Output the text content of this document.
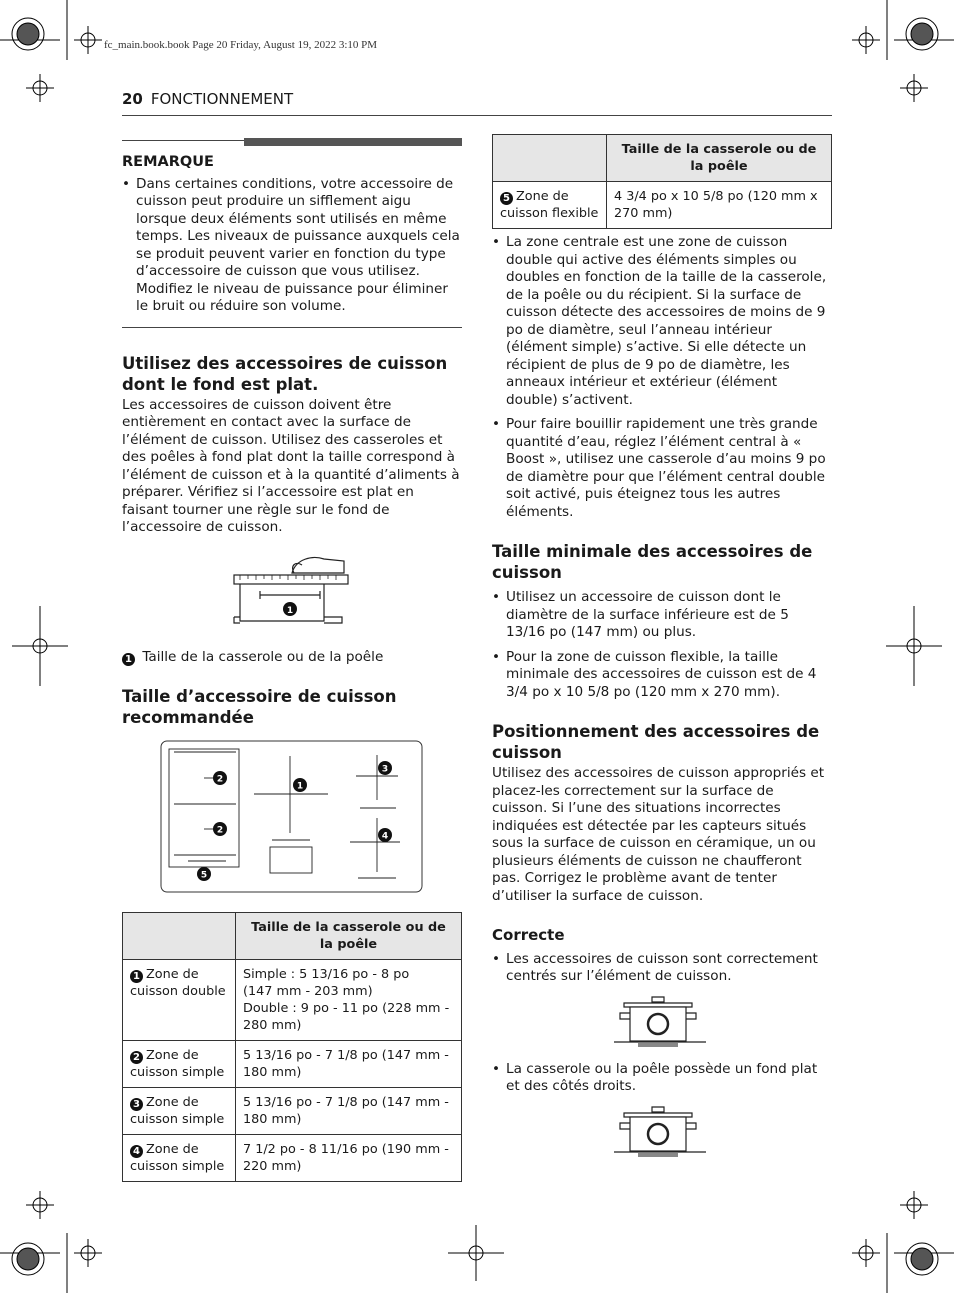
fc_main.book.book Page 20 Friday, August 19, 2022 3:10 PM
20 FONCTIONNEMENT
REMARQUE
• Dans certaines conditions, votre accessoire de cuisson peut produire un sifflement aigu lorsque deux éléments sont utilisés en même temps. Les niveaux de puissance auxquels cela se produit peuvent varier en fonction du type d’accessoire de cuisson que vous utilisez. Modifiez le niveau de puissance pour éliminer le bruit ou réduire son volume.
Utilisez des accessoires de cuisson dont le fond est plat.

Les accessoires de cuisson doivent être entièrement en contact avec la surface de l’élément de cuisson. Utilisez des casseroles et des poêles à fond plat dont la taille correspond à l’élément de cuisson et à la quantité d’aliments à préparer. Vérifiez si l’accessoire est plat en faisant tourner une règle sur le fond de l’accessoire de cuisson.

1
1 Taille de la casserole ou de la poêle
Taille d’accessoire de cuisson recommandée
1
2
2
3
4
5
	Taille de la casserole ou de la poêle
1 Zone de cuisson double	Simple : 5 13/16 po - 8 po
(147 mm - 203 mm)
Double : 9 po - 11 po (228 mm - 280 mm)

2 Zone de cuisson simple	5 13/16 po - 7 1/8 po (147 mm - 180 mm)

3 Zone de cuisson simple	5 13/16 po - 7 1/8 po (147 mm - 180 mm)

4 Zone de cuisson simple	7 1/2 po - 8 11/16 po (190 mm - 220 mm)
	Taille de la casserole ou de la poêle
5 Zone de cuisson flexible	4 3/4 po x 10 5/8 po (120 mm x 270 mm)
• La zone centrale est une zone de cuisson double qui active des éléments simples ou doubles en fonction de la taille de la casserole, de la poêle ou du récipient. Si la surface de cuisson détecte des accessoires de moins de 9 po de diamètre, seul l’anneau intérieur (élément simple) s’active. Si elle détecte un récipient de plus de 9 po de diamètre, les anneaux intérieur et extérieur (élément double) s’activent.
• Pour faire bouillir rapidement une très grande quantité d’eau, réglez l’élément central à « Boost », utilisez une casserole d’au moins 9 po de diamètre pour que l’élément central double soit activé, puis éteignez tous les autres éléments.
Taille minimale des accessoires de cuisson
• Utilisez un accessoire de cuisson dont le diamètre de la surface inférieure est de 5 13/16 po (147 mm) ou plus.
• Pour la zone de cuisson flexible, la taille minimale des accessoires de cuisson est de 4 3/4 po x 10 5/8 po (120 mm x 270 mm).
Positionnement des accessoires de cuisson

Utilisez des accessoires de cuisson appropriés et placez-les correctement sur la surface de cuisson. Si l’une des situations incorrectes indiquées est détectée par les capteurs situés sous la surface de cuisson en céramique, un ou plusieurs éléments de cuisson ne chaufferont pas. Corrigez le problème avant de tenter d’utiliser la surface de cuisson.

Correcte
• Les accessoires de cuisson sont correctement centrés sur l’élément de cuisson.
• La casserole ou la poêle possède un fond plat et des côtés droits.
